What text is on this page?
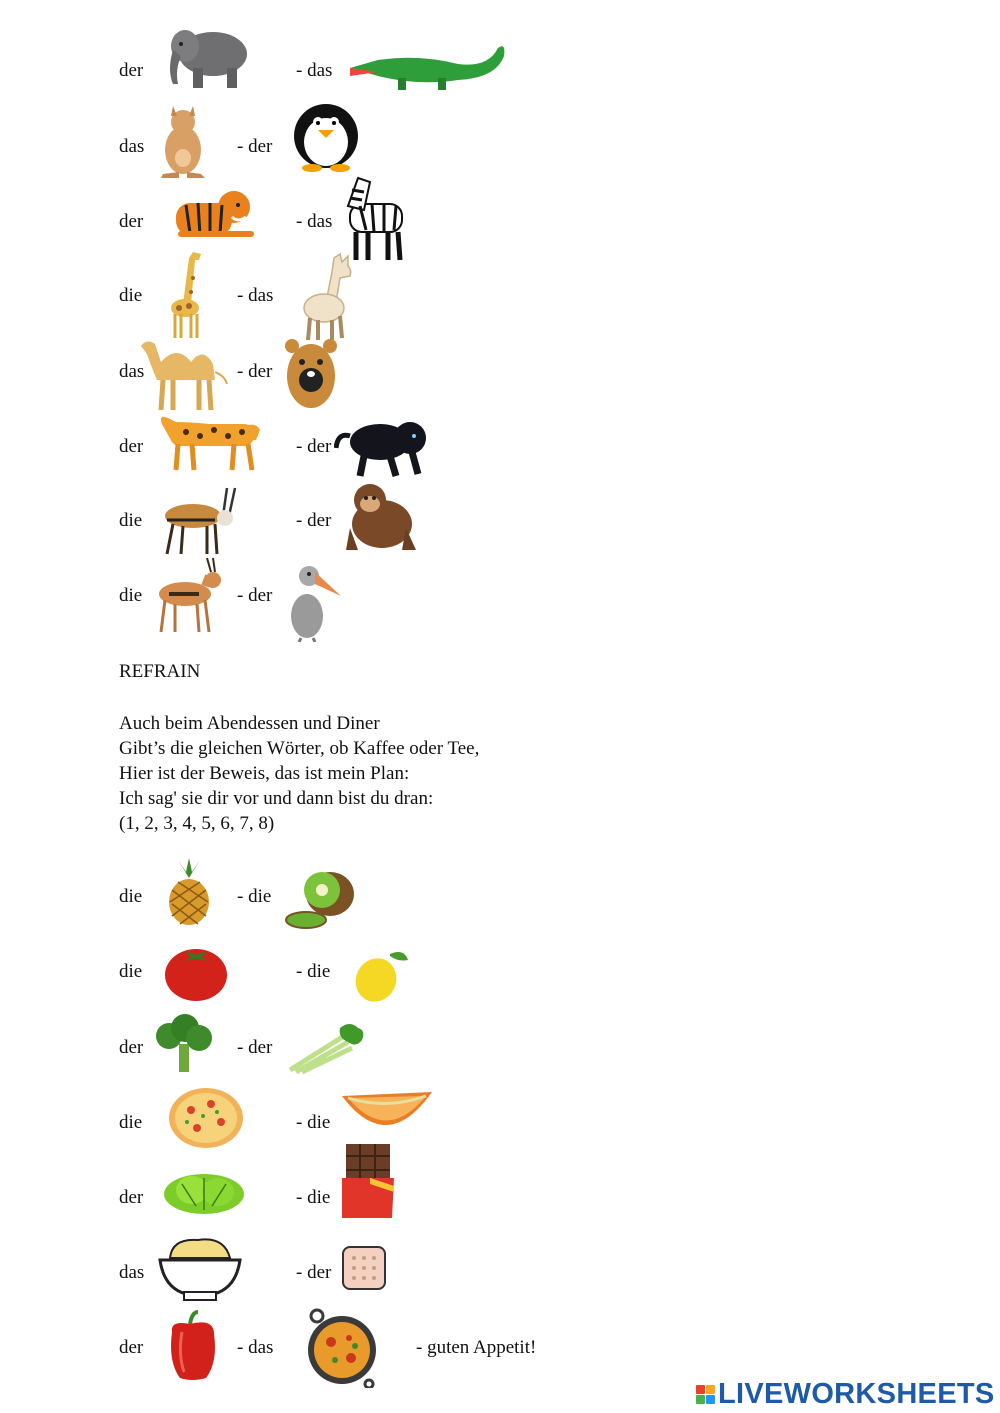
der	- das
das	- der
der	- das
die	- das
das	- der
der	- der
die	- der
die	- der
REFRAIN
Auch beim Abendessen und Diner
Gibt’s die gleichen Wörter, ob Kaffee oder Tee,
Hier ist der Beweis, das ist mein Plan:
Ich sag' sie dir vor und dann bist du dran:
(1, 2, 3, 4, 5, 6, 7, 8)
die	- die
die	- die
der	- der
die	- die
der	- die
das	- der
der	- das	- guten Appetit!
LIVEWORKSHEETS
